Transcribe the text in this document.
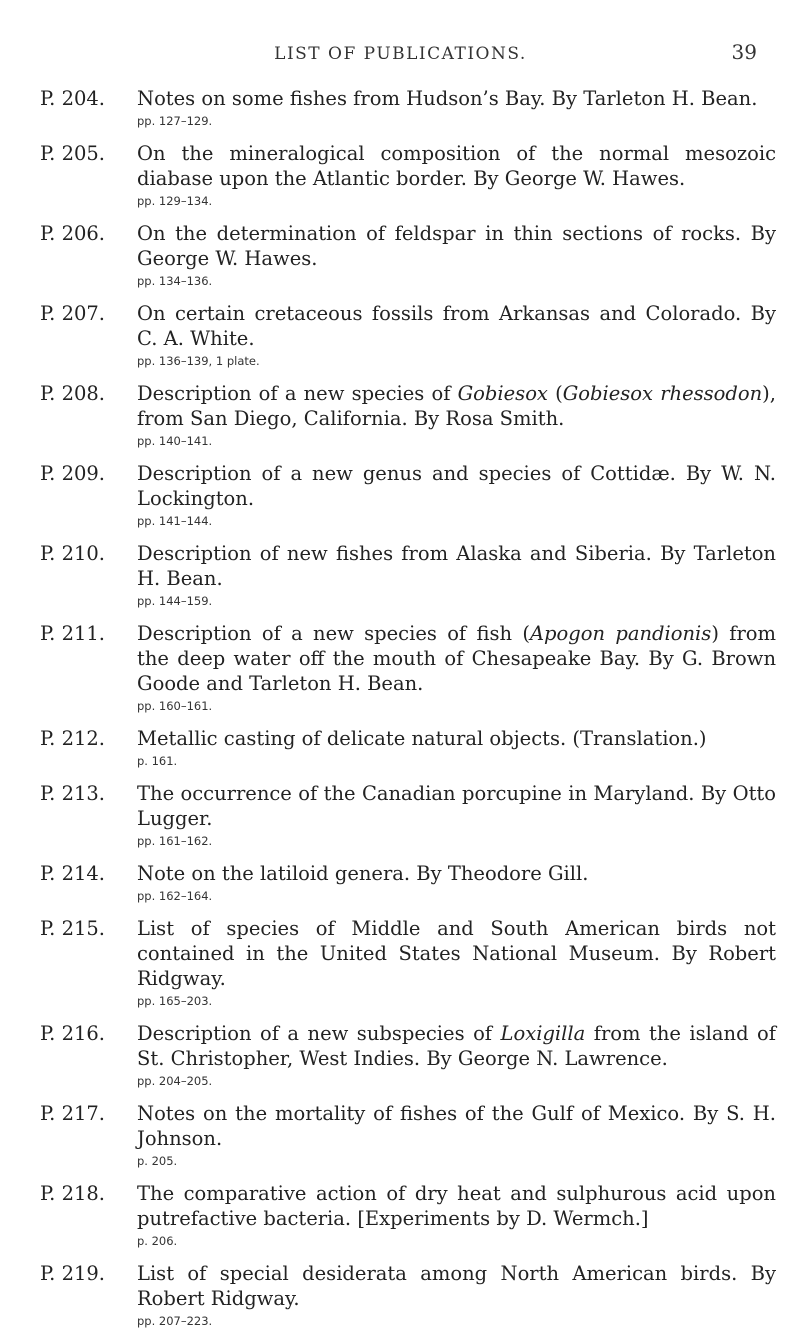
LIST OF PUBLICATIONS.	39
P. 204. Notes on some fishes from Hudson’s Bay. By Tarleton H. Bean.
pp. 127–129.
P. 205. On the mineralogical composition of the normal mesozoic diabase upon the Atlantic border. By George W. Hawes.
pp. 129–134.
P. 206. On the determination of feldspar in thin sections of rocks. By George W. Hawes.
pp. 134–136.
P. 207. On certain cretaceous fossils from Arkansas and Colorado. By C. A. White.
pp. 136–139, 1 plate.
P. 208. Description of a new species of Gobiesox (Gobiesox rhessodon), from San Diego, California. By Rosa Smith.
pp. 140–141.
P. 209. Description of a new genus and species of Cottidæ. By W. N. Lockington.
pp. 141–144.
P. 210. Description of new fishes from Alaska and Siberia. By Tarleton H. Bean.
pp. 144–159.
P. 211. Description of a new species of fish (Apogon pandionis) from the deep water off the mouth of Chesapeake Bay. By G. Brown Goode and Tarleton H. Bean.
pp. 160–161.
P. 212. Metallic casting of delicate natural objects. (Translation.)
p. 161.
P. 213. The occurrence of the Canadian porcupine in Maryland. By Otto Lugger.
pp. 161–162.
P. 214. Note on the latiloid genera. By Theodore Gill.
pp. 162–164.
P. 215. List of species of Middle and South American birds not contained in the United States National Museum. By Robert Ridgway.
pp. 165–203.
P. 216. Description of a new subspecies of Loxigilla from the island of St. Christopher, West Indies. By George N. Lawrence.
pp. 204–205.
P. 217. Notes on the mortality of fishes of the Gulf of Mexico. By S. H. Johnson.
p. 205.
P. 218. The comparative action of dry heat and sulphurous acid upon putrefactive bacteria. [Experiments by D. Wermch.]
p. 206.
P. 219. List of special desiderata among North American birds. By Robert Ridgway.
pp. 207–223.
